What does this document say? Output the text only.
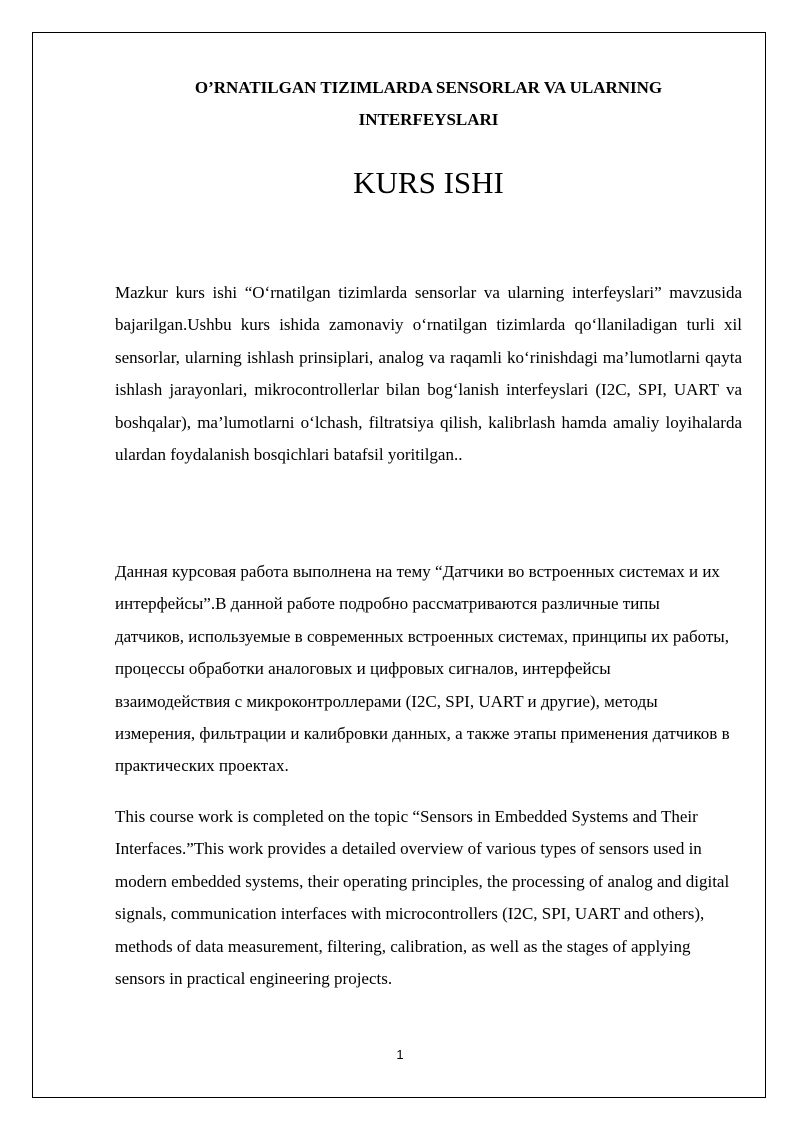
O’RNATILGAN TIZIMLARDA SENSORLAR VA ULARNING
INTERFEYSLARI
KURS ISHI

Mazkur kurs ishi “O‘rnatilgan tizimlarda sensorlar va ularning interfeyslari” mavzusida bajarilgan.Ushbu kurs ishida zamonaviy o‘rnatilgan tizimlarda qo‘llaniladigan turli xil sensorlar, ularning ishlash prinsiplari, analog va raqamli ko‘rinishdagi ma’lumotlarni qayta ishlash jarayonlari, mikrocontrollerlar bilan bog‘lanish interfeyslari (I2C, SPI, UART va boshqalar), ma’lumotlarni o‘lchash, filtratsiya qilish, kalibrlash hamda amaliy loyihalarda ulardan foydalanish bosqichlari batafsil yoritilgan..

Данная курсовая работа выполнена на тему “Датчики во встроенных системах и их интерфейсы”.В данной работе подробно рассматриваются различные типы датчиков, используемые в современных встроенных системах, принципы их работы, процессы обработки аналоговых и цифровых сигналов, интерфейсы взаимодействия с микроконтроллерами (I2C, SPI, UART и другие), методы измерения, фильтрации и калибровки данных, а также этапы применения датчиков в практических проектах.

This course work is completed on the topic “Sensors in Embedded Systems and Their Interfaces.”This work provides a detailed overview of various types of sensors used in modern embedded systems, their operating principles, the processing of analog and digital signals, communication interfaces with microcontrollers (I2C, SPI, UART and others), methods of data measurement, filtering, calibration, as well as the stages of applying sensors in practical engineering projects.

1
